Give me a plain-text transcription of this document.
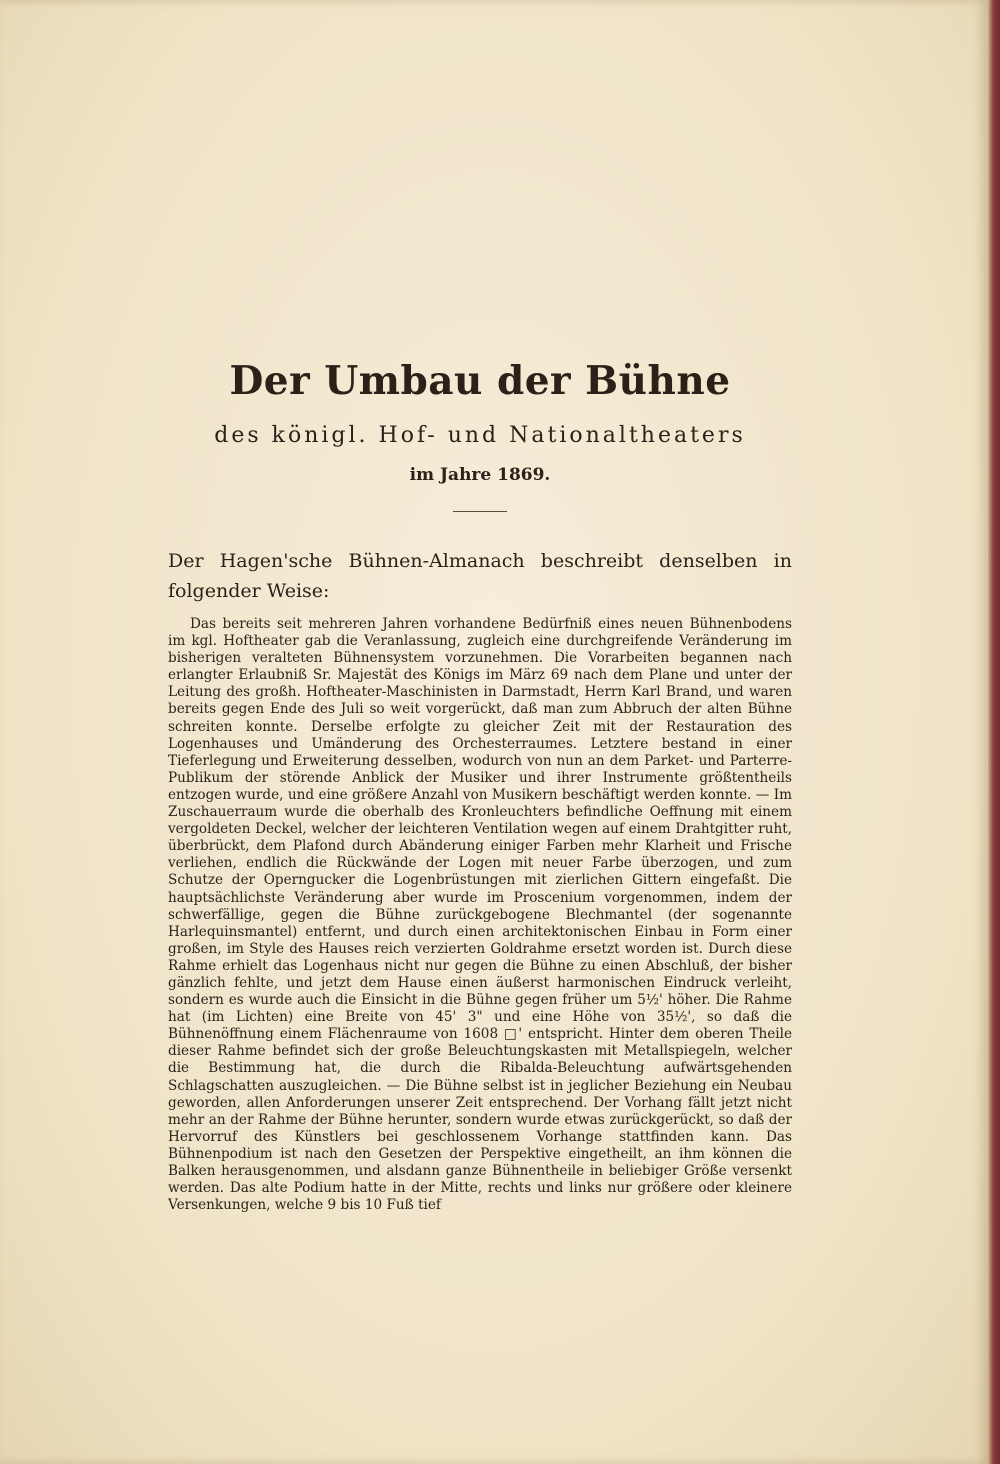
Der Umbau der Bühne

des königl. Hof- und Nationaltheaters

im Jahre 1869.

Der Hagen'sche Bühnen-Almanach beschreibt denselben in folgender Weise:

Das bereits seit mehreren Jahren vorhandene Bedürfniß eines neuen Bühnenbodens im kgl. Hoftheater gab die Veranlassung, zugleich eine durchgreifende Veränderung im bisherigen veralteten Bühnensystem vorzunehmen. Die Vorarbeiten begannen nach erlangter Erlaubniß Sr. Majestät des Königs im März 69 nach dem Plane und unter der Leitung des großh. Hoftheater-Maschinisten in Darmstadt, Herrn Karl Brand, und waren bereits gegen Ende des Juli so weit vorgerückt, daß man zum Abbruch der alten Bühne schreiten konnte. Derselbe erfolgte zu gleicher Zeit mit der Restauration des Logenhauses und Umänderung des Orchesterraumes. Letztere bestand in einer Tieferlegung und Erweiterung desselben, wodurch von nun an dem Parket- und Parterre-Publikum der störende Anblick der Musiker und ihrer Instrumente größtentheils entzogen wurde, und eine größere Anzahl von Musikern beschäftigt werden konnte. — Im Zuschauerraum wurde die oberhalb des Kronleuchters befindliche Oeffnung mit einem vergoldeten Deckel, welcher der leichteren Ventilation wegen auf einem Drahtgitter ruht, überbrückt, dem Plafond durch Abänderung einiger Farben mehr Klarheit und Frische verliehen, endlich die Rückwände der Logen mit neuer Farbe überzogen, und zum Schutze der Operngucker die Logenbrüstungen mit zierlichen Gittern eingefaßt. Die hauptsächlichste Veränderung aber wurde im Proscenium vorgenommen, indem der schwerfällige, gegen die Bühne zurückgebogene Blechmantel (der sogenannte Harlequinsmantel) entfernt, und durch einen architektonischen Einbau in Form einer großen, im Style des Hauses reich verzierten Goldrahme ersetzt worden ist. Durch diese Rahme erhielt das Logenhaus nicht nur gegen die Bühne zu einen Abschluß, der bisher gänzlich fehlte, und jetzt dem Hause einen äußerst harmonischen Eindruck verleiht, sondern es wurde auch die Einsicht in die Bühne gegen früher um 5½' höher. Die Rahme hat (im Lichten) eine Breite von 45' 3" und eine Höhe von 35½', so daß die Bühnenöffnung einem Flächenraume von 1608 □' entspricht. Hinter dem oberen Theile dieser Rahme befindet sich der große Beleuchtungskasten mit Metallspiegeln, welcher die Bestimmung hat, die durch die Ribalda-Beleuchtung aufwärtsgehenden Schlagschatten auszugleichen. — Die Bühne selbst ist in jeglicher Beziehung ein Neubau geworden, allen Anforderungen unserer Zeit entsprechend. Der Vorhang fällt jetzt nicht mehr an der Rahme der Bühne herunter, sondern wurde etwas zurückgerückt, so daß der Hervorruf des Künstlers bei geschlossenem Vorhange stattfinden kann. Das Bühnenpodium ist nach den Gesetzen der Perspektive eingetheilt, an ihm können die Balken herausgenommen, und alsdann ganze Bühnentheile in beliebiger Größe versenkt werden. Das alte Podium hatte in der Mitte, rechts und links nur größere oder kleinere Versenkungen, welche 9 bis 10 Fuß tief
